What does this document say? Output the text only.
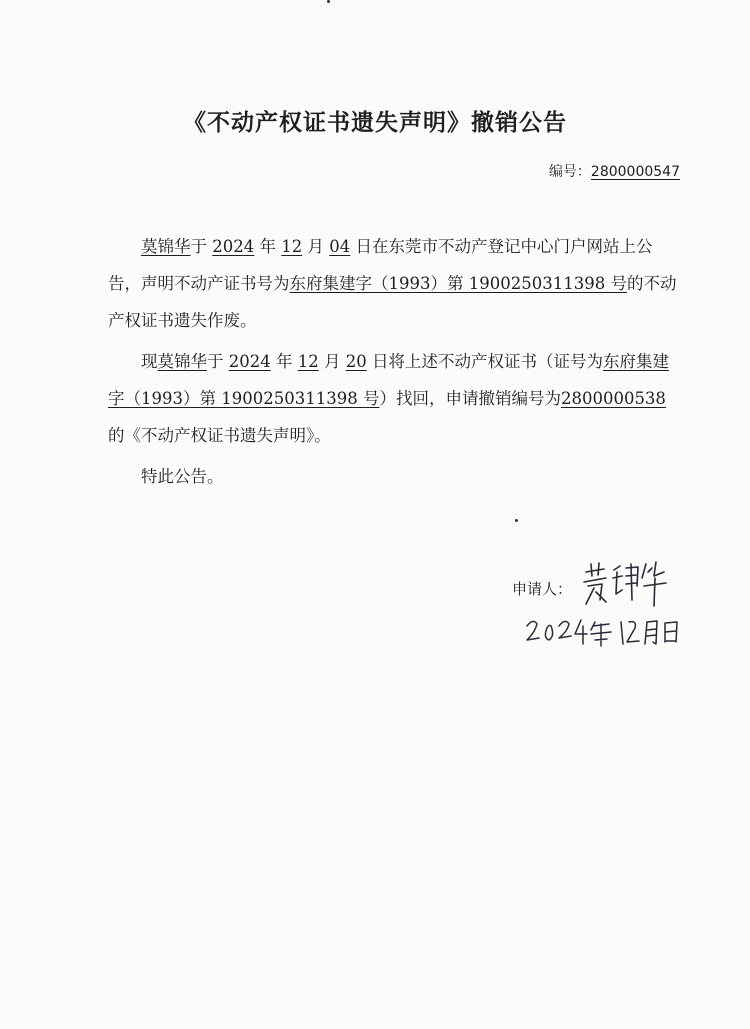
《不动产权证书遗失声明》撤销公告
编号：2800000547

莫锦华于 2024 年 12 月 04 日在东莞市不动产登记中心门户网站上公告，声明不动产证书号为东府集建字（1993）第 1900250311398 号的不动产权证书遗失作废。

现莫锦华于 2024 年 12 月 20 日将上述不动产权证书（证号为东府集建字（1993）第 1900250311398 号）找回，申请撤销编号为2800000538 的《不动产权证书遗失声明》。

特此公告。

申请人：
